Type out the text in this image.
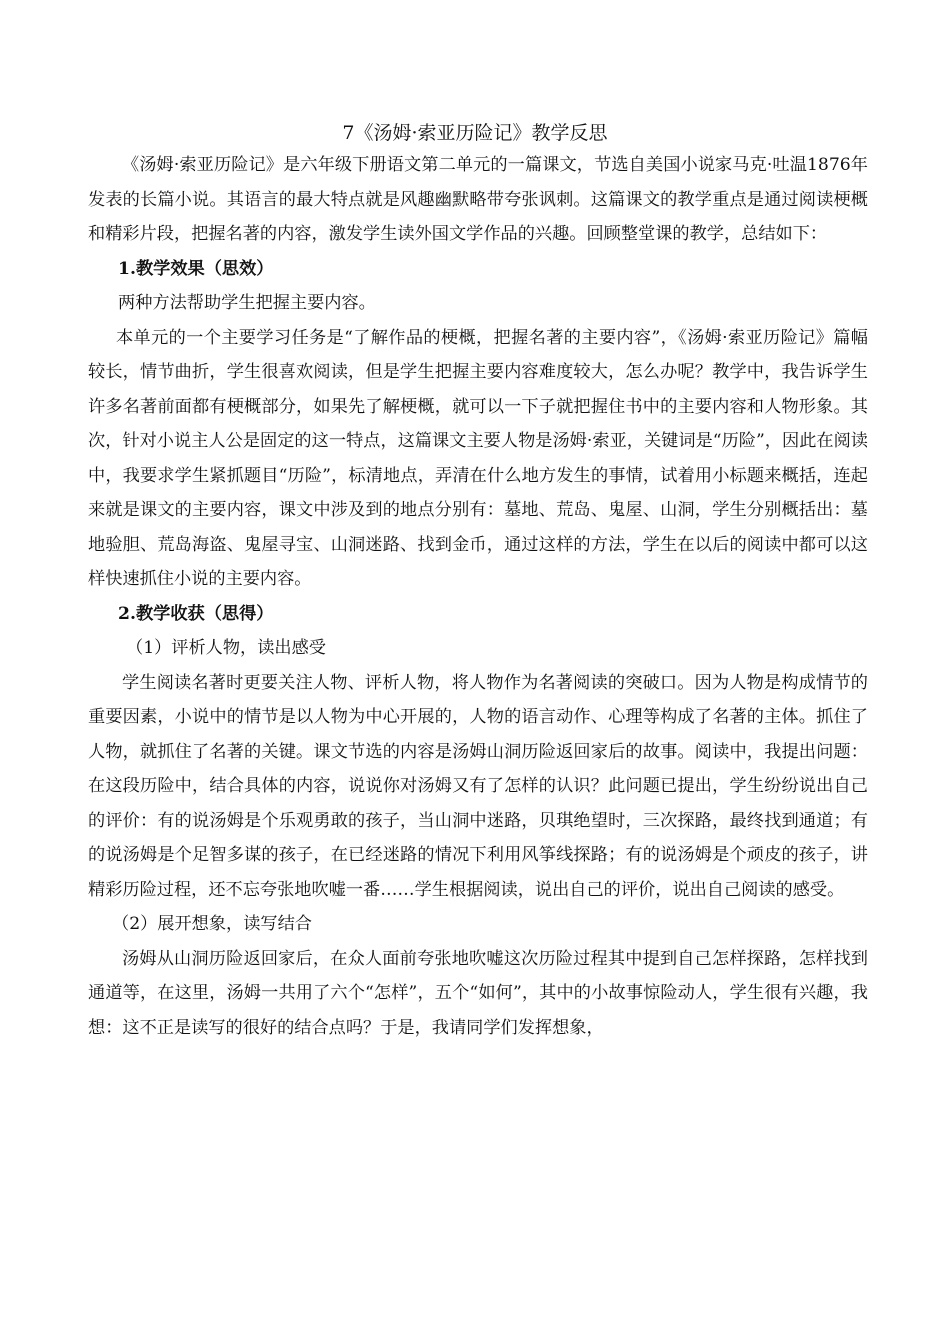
7《汤姆·索亚历险记》教学反思

《汤姆·索亚历险记》是六年级下册语文第二单元的一篇课文，节选自美国小说家马克·吐温1876年发表的长篇小说。其语言的最大特点就是风趣幽默略带夸张讽刺。这篇课文的教学重点是通过阅读梗概和精彩片段，把握名著的内容，激发学生读外国文学作品的兴趣。回顾整堂课的教学，总结如下：

1.教学效果（思效）

两种方法帮助学生把握主要内容。

本单元的一个主要学习任务是“了解作品的梗概，把握名著的主要内容”，《汤姆·索亚历险记》篇幅较长，情节曲折，学生很喜欢阅读，但是学生把握主要内容难度较大，怎么办呢？教学中，我告诉学生许多名著前面都有梗概部分，如果先了解梗概，就可以一下子就把握住书中的主要内容和人物形象。其次，针对小说主人公是固定的这一特点，这篇课文主要人物是汤姆·索亚，关键词是“历险”，因此在阅读中，我要求学生紧抓题目“历险”，标清地点，弄清在什么地方发生的事情，试着用小标题来概括，连起来就是课文的主要内容，课文中涉及到的地点分别有：墓地、荒岛、鬼屋、山洞，学生分别概括出：墓地验胆、荒岛海盗、鬼屋寻宝、山洞迷路、找到金币，通过这样的方法，学生在以后的阅读中都可以这样快速抓住小说的主要内容。

2.教学收获（思得）

（1）评析人物，读出感受

学生阅读名著时更要关注人物、评析人物，将人物作为名著阅读的突破口。因为人物是构成情节的重要因素，小说中的情节是以人物为中心开展的，人物的语言动作、心理等构成了名著的主体。抓住了人物，就抓住了名著的关键。课文节选的内容是汤姆山洞历险返回家后的故事。阅读中，我提出问题：在这段历险中，结合具体的内容，说说你对汤姆又有了怎样的认识？此问题已提出，学生纷纷说出自己的评价：有的说汤姆是个乐观勇敢的孩子，当山洞中迷路，贝琪绝望时，三次探路，最终找到通道；有的说汤姆是个足智多谋的孩子，在已经迷路的情况下利用风筝线探路；有的说汤姆是个顽皮的孩子，讲精彩历险过程，还不忘夸张地吹嘘一番……学生根据阅读，说出自己的评价，说出自己阅读的感受。

（2）展开想象，读写结合

汤姆从山洞历险返回家后，在众人面前夸张地吹嘘这次历险过程其中提到自己怎样探路，怎样找到通道等，在这里，汤姆一共用了六个“怎样”，五个“如何”，其中的小故事惊险动人，学生很有兴趣，我想：这不正是读写的很好的结合点吗？于是，我请同学们发挥想象，
